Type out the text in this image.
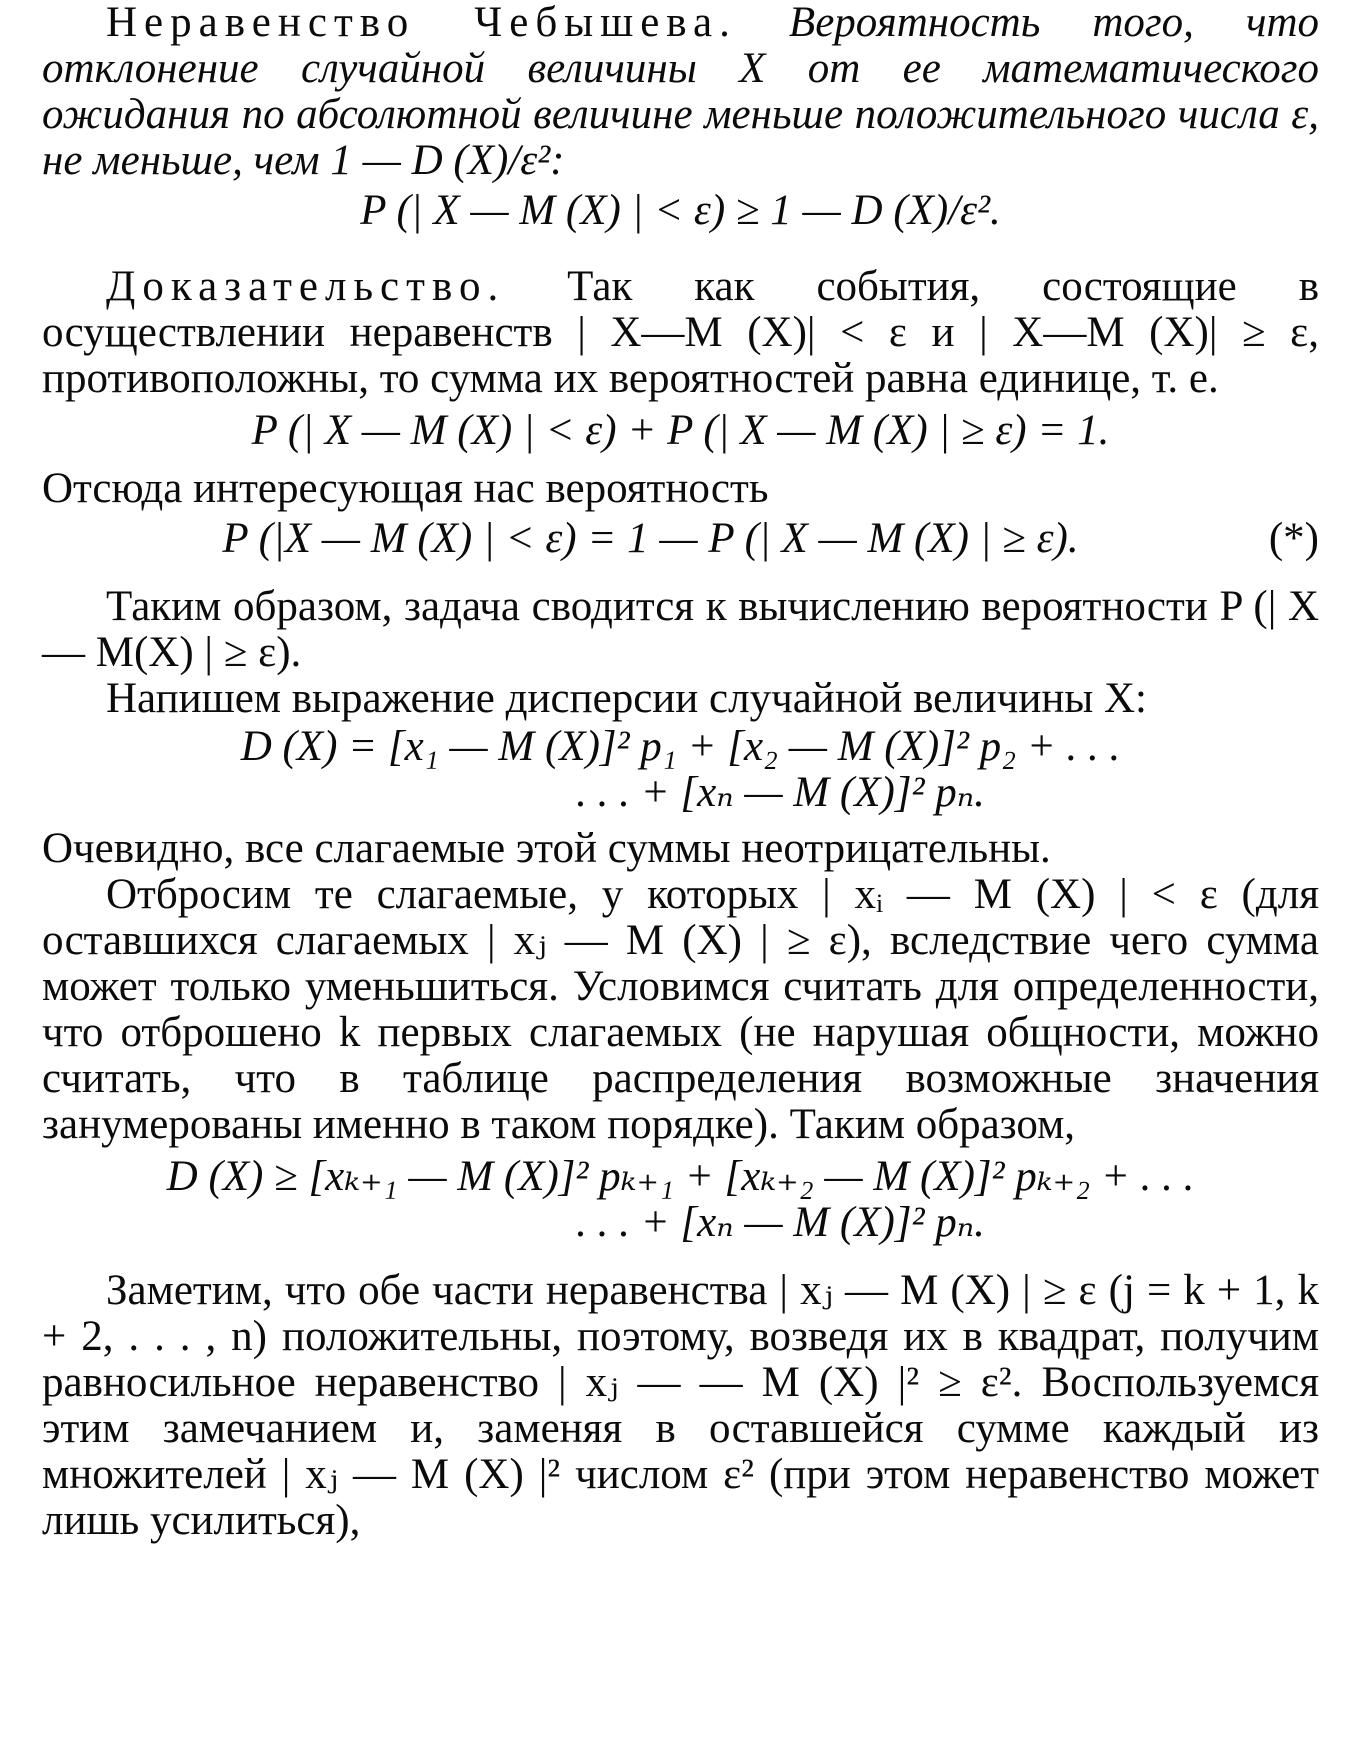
Неравенство Чебышева. Вероятность того, что отклонение случайной величины X от ее математического ожидания по абсолютной величине меньше положительного числа ε, не меньше, чем 1 — D (X)/ε²:

P (| X — M (X) | < ε) ≥ 1 — D (X)/ε².

Доказательство. Так как события, состоящие в осуществлении неравенств | X—M (X)| < ε и | X—M (X)| ≥ ε, противоположны, то сумма их вероятностей равна единице, т. е.

P (| X — M (X) | < ε) + P (| X — M (X) | ≥ ε) = 1.

Отсюда интересующая нас вероятность

P (|X — M (X) | < ε) = 1 — P (| X — M (X) | ≥ ε).	(*)

Таким образом, задача сводится к вычислению вероятности P (| X — M(X) | ≥ ε).

Напишем выражение дисперсии случайной величины X:

D (X) = [x₁ — M (X)]² p₁ + [x₂ — M (X)]² p₂ + . . .

. . . + [xₙ — M (X)]² pₙ.

Очевидно, все слагаемые этой суммы неотрицательны.

Отбросим те слагаемые, у которых | xᵢ — M (X) | < ε (для оставшихся слагаемых | xⱼ — M (X) | ≥ ε), вследствие чего сумма может только уменьшиться. Условимся считать для определенности, что отброшено k первых слагаемых (не нарушая общности, можно считать, что в таблице распределения возможные значения занумерованы именно в таком порядке). Таким образом,

D (X) ≥ [xₖ₊₁ — M (X)]² pₖ₊₁ + [xₖ₊₂ — M (X)]² pₖ₊₂ + . . .

. . . + [xₙ — M (X)]² pₙ.

Заметим, что обе части неравенства | xⱼ — M (X) | ≥ ε (j = k + 1, k + 2, . . . , n) положительны, поэтому, возведя их в квадрат, получим равносильное неравенство | xⱼ — — M (X) |² ≥ ε². Воспользуемся этим замечанием и, заменяя в оставшейся сумме каждый из множителей | xⱼ — M (X) |² числом ε² (при этом неравенство может лишь усилиться),
